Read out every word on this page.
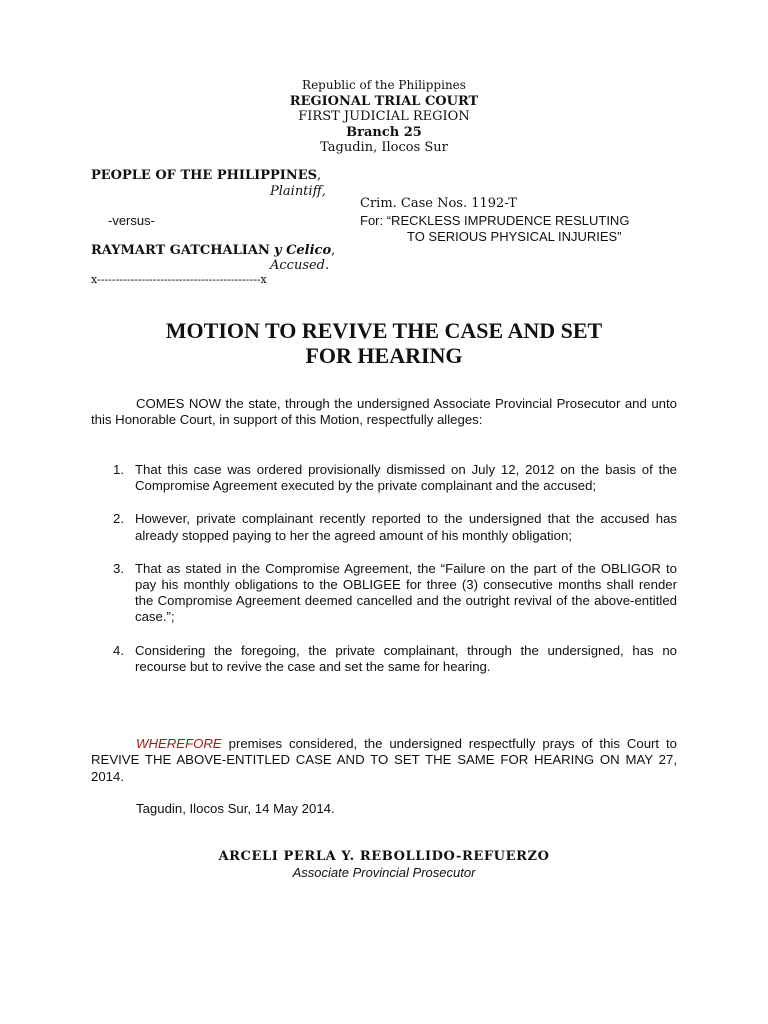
Republic of the Philippines
REGIONAL TRIAL COURT
FIRST JUDICIAL REGION
Branch 25
Tagudin, Ilocos Sur
PEOPLE OF THE PHILIPPINES,
Plaintiff,
Crim. Case Nos. 1192-T
-versus-	For: “RECKLESS IMPRUDENCE RESLUTING
TO SERIOUS PHYSICAL INJURIES”
RAYMART GATCHALIAN y Celico,
Accused.
x--------------------------------------------x
MOTION TO REVIVE THE CASE AND SET
FOR HEARING
COMES NOW the state, through the undersigned Associate Provincial Prosecutor and unto this Honorable Court, in support of this Motion, respectfully alleges:
1. That this case was ordered provisionally dismissed on July 12, 2012 on the basis of the Compromise Agreement executed by the private complainant and the accused;
2. However, private complainant recently reported to the undersigned that the accused has already stopped paying to her the agreed amount of his monthly obligation;
3. That as stated in the Compromise Agreement, the “Failure on the part of the OBLIGOR to pay his monthly obligations to the OBLIGEE for three (3) consecutive months shall render the Compromise Agreement deemed cancelled and the outright revival of the above-entitled case.”;
4. Considering the foregoing, the private complainant, through the undersigned, has no recourse but to revive the case and set the same for hearing.
WHEREFORE premises considered, the undersigned respectfully prays of this Court to REVIVE THE ABOVE-ENTITLED CASE AND TO SET THE SAME FOR HEARING ON MAY 27, 2014.
Tagudin, Ilocos Sur, 14 May 2014.
ARCELI PERLA Y. REBOLLIDO-REFUERZO
Associate Provincial Prosecutor
